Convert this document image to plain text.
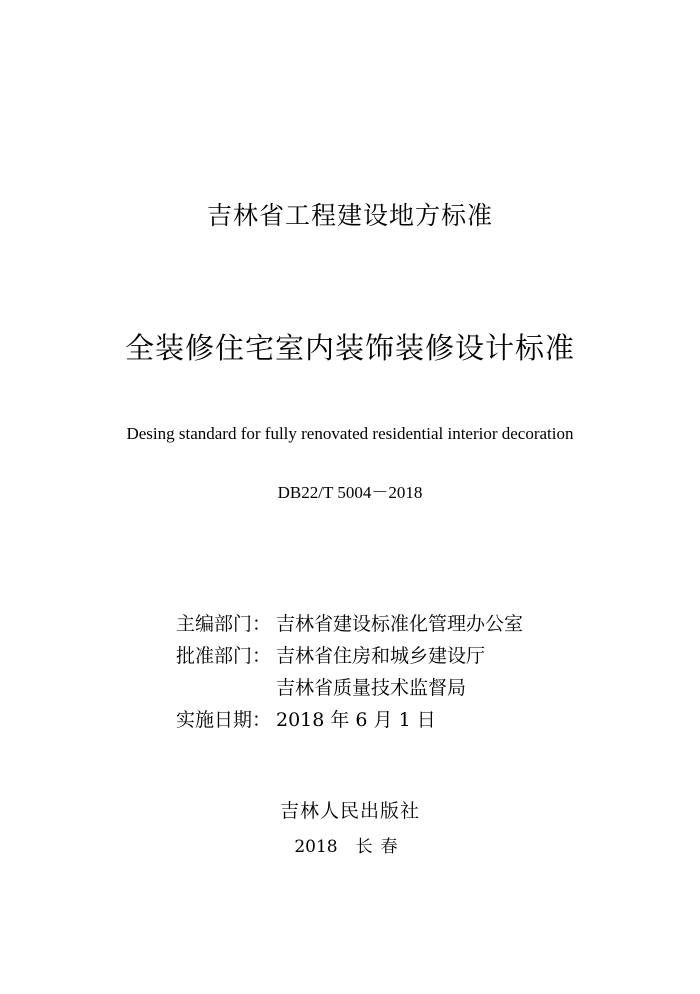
吉林省工程建设地方标准
全装修住宅室内装饰装修设计标准
Desing standard for fully renovated residential interior decoration
DB22/T 5004－2018
主编部门： 吉林省建设标准化管理办公室
批准部门： 吉林省住房和城乡建设厅
吉林省质量技术监督局
实施日期： 2018 年 6 月 1 日
吉林人民出版社
2018 长春
